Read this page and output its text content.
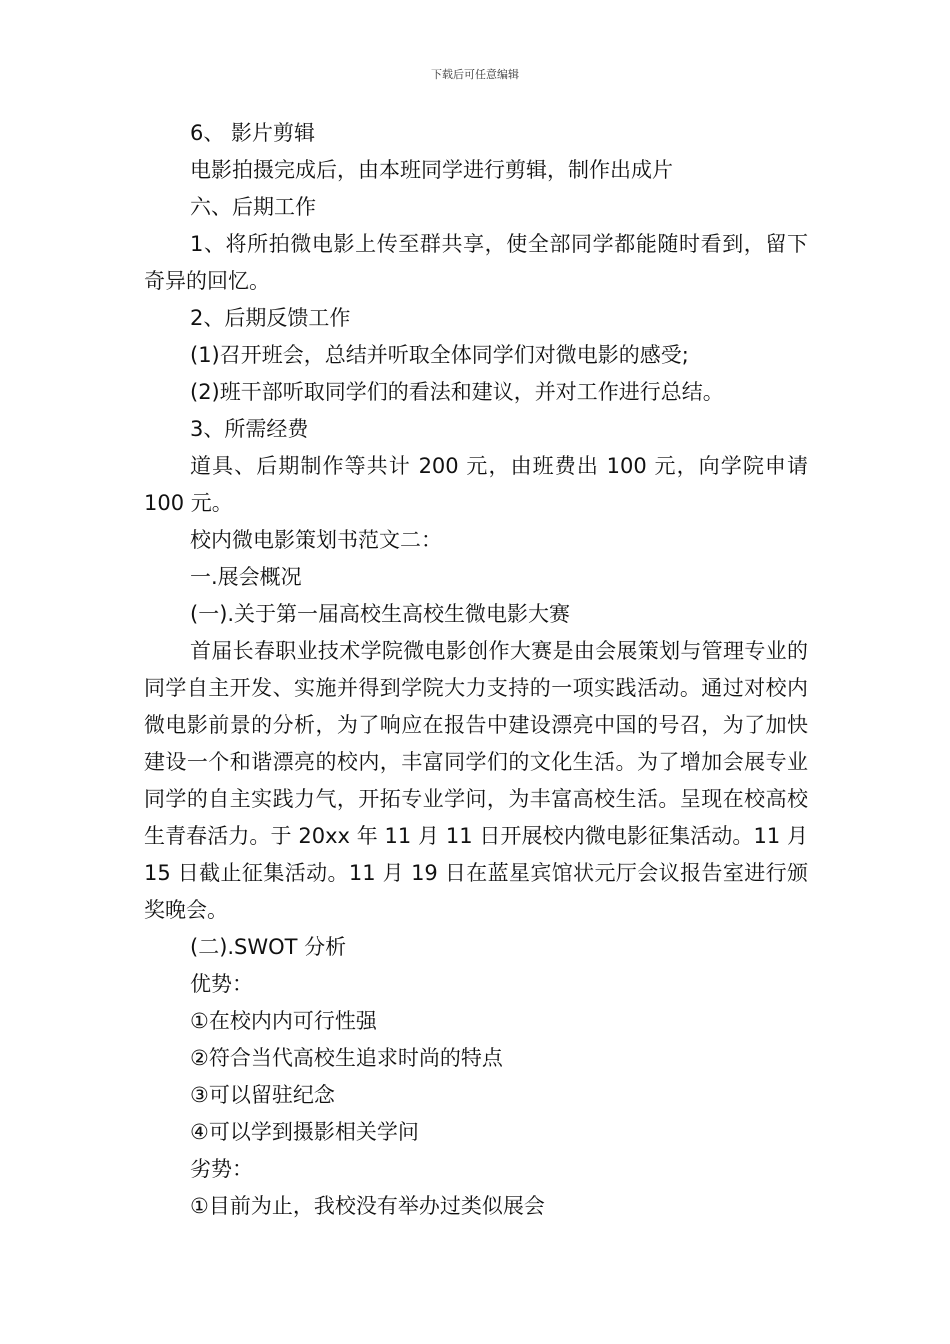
下载后可任意编辑

6、 影片剪辑

电影拍摄完成后，由本班同学进行剪辑，制作出成片

六、后期工作

1、将所拍微电影上传至群共享，使全部同学都能随时看到，留下奇异的回忆。

2、后期反馈工作

(1)召开班会，总结并听取全体同学们对微电影的感受;

(2)班干部听取同学们的看法和建议，并对工作进行总结。

3、所需经费

道具、后期制作等共计 200 元，由班费出 100 元，向学院申请 100 元。

校内微电影策划书范文二：

一.展会概况

(一).关于第一届高校生高校生微电影大赛

首届长春职业技术学院微电影创作大赛是由会展策划与管理专业的同学自主开发、实施并得到学院大力支持的一项实践活动。通过对校内微电影前景的分析，为了响应在报告中建设漂亮中国的号召，为了加快建设一个和谐漂亮的校内，丰富同学们的文化生活。为了增加会展专业同学的自主实践力气，开拓专业学问，为丰富高校生活。呈现在校高校生青春活力。于 20xx 年 11 月 11 日开展校内微电影征集活动。11 月 15 日截止征集活动。11 月 19 日在蓝星宾馆状元厅会议报告室进行颁奖晚会。

(二).SWOT 分析

优势：

①在校内内可行性强

②符合当代高校生追求时尚的特点

③可以留驻纪念

④可以学到摄影相关学问

劣势：

①目前为止，我校没有举办过类似展会
